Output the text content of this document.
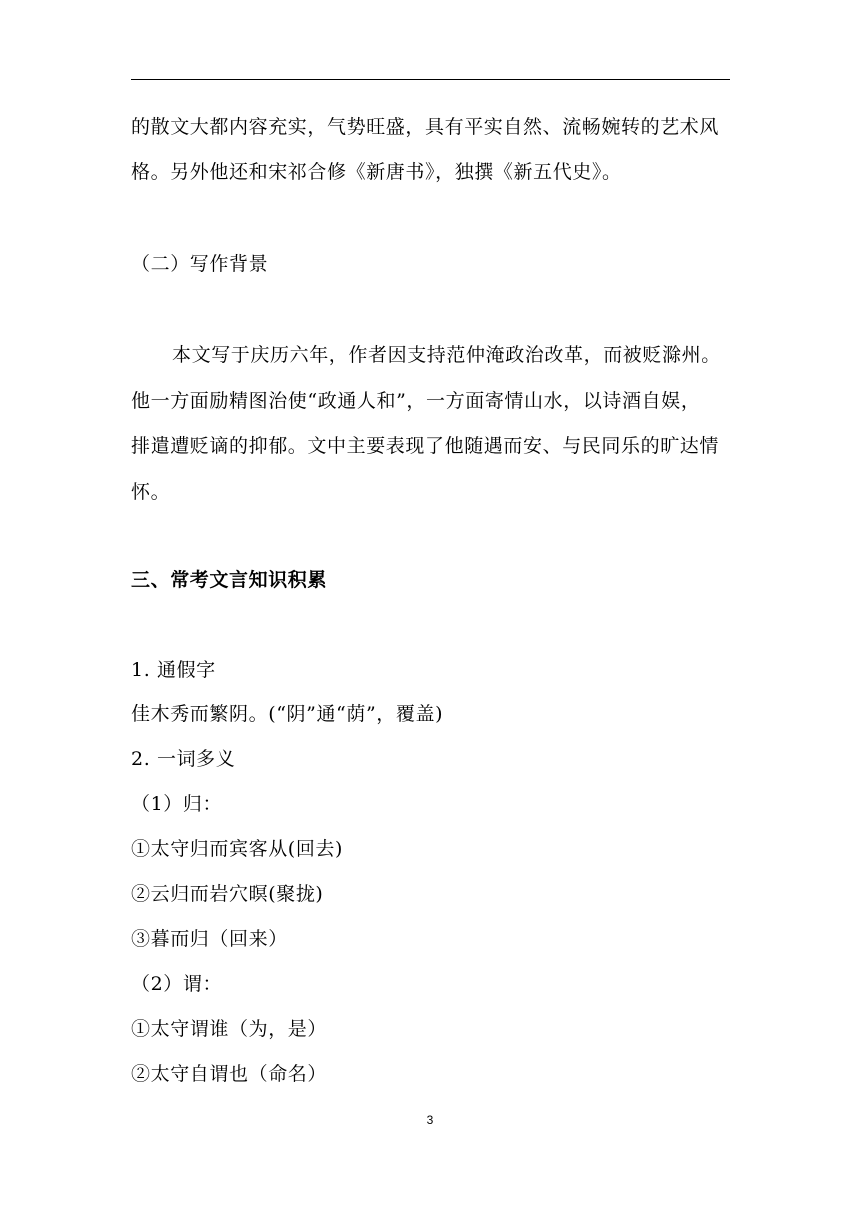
的散文大都内容充实，气势旺盛，具有平实自然、流畅婉转的艺术风
格。另外他还和宋祁合修《新唐书》，独撰《新五代史》。
（二）写作背景
本文写于庆历六年，作者因支持范仲淹政治改革，而被贬滁州。
他一方面励精图治使“政通人和”，一方面寄情山水，以诗酒自娱，
排遣遭贬谪的抑郁。文中主要表现了他随遇而安、与民同乐的旷达情
怀。
三、常考文言知识积累
1. 通假字
佳木秀而繁阴。(“阴”通“荫”，覆盖)
2. 一词多义
（1）归：
①太守归而宾客从(回去)
②云归而岩穴暝(聚拢)
③暮而归（回来）
（2）谓：
①太守谓谁（为，是）
②太守自谓也（命名）
3
